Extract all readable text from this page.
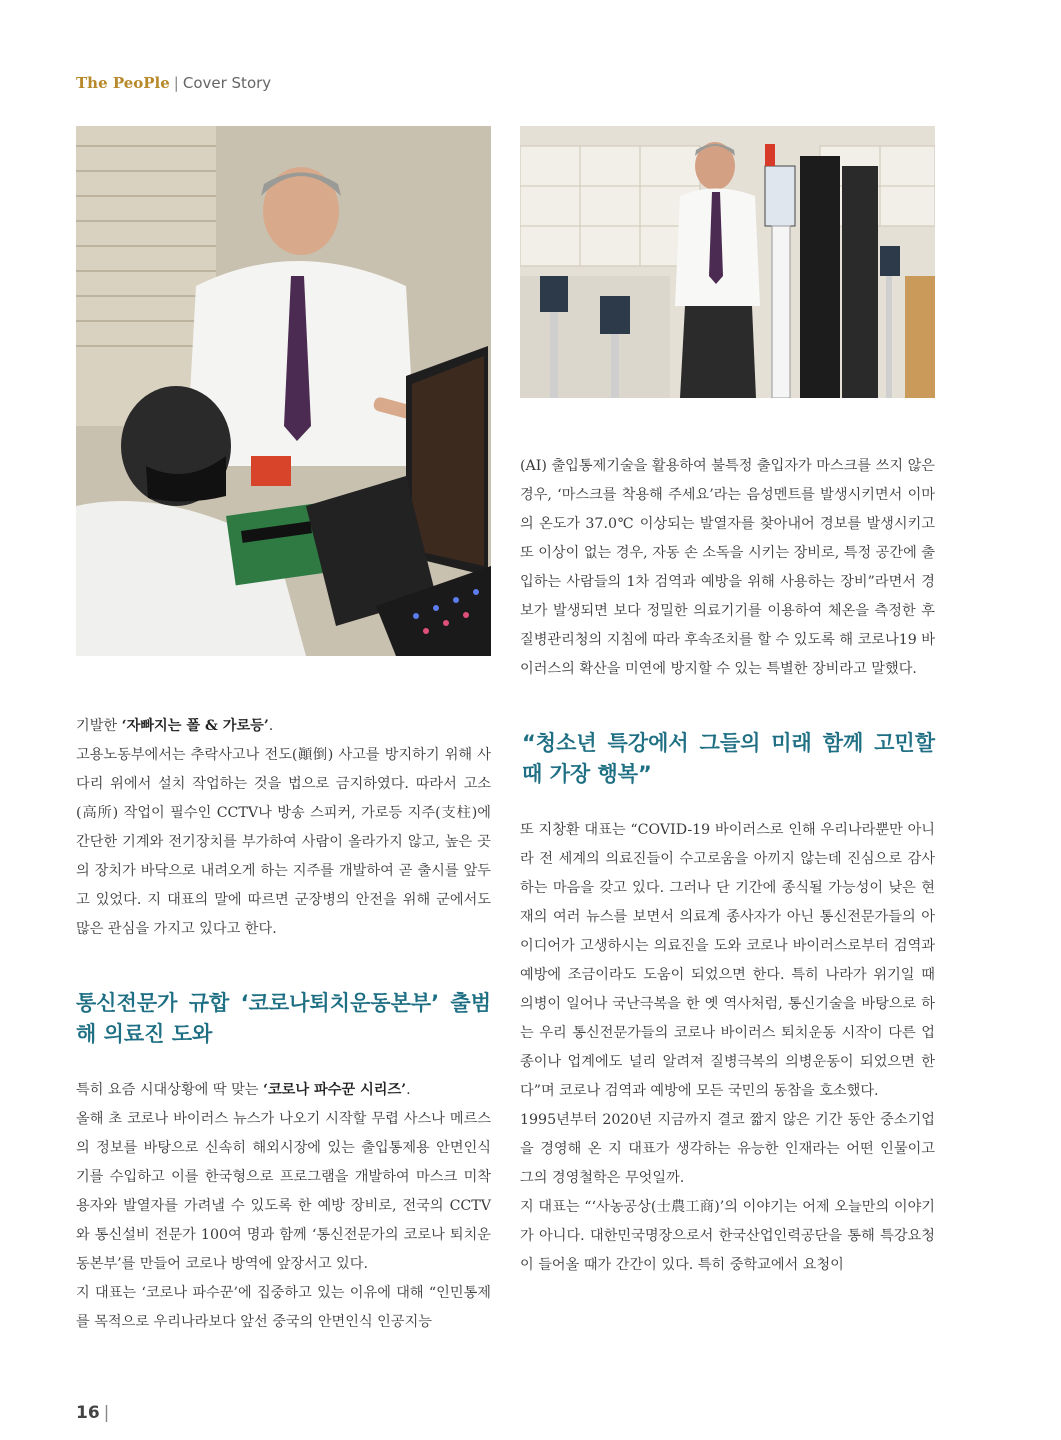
The PeoPle | Cover Story

기발한 ‘자빠지는 폴 & 가로등’.

고용노동부에서는 추락사고나 전도(顚倒) 사고를 방지하기 위해 사다리 위에서 설치 작업하는 것을 법으로 금지하였다. 따라서 고소(高所) 작업이 필수인 CCTV나 방송 스피커, 가로등 지주(支柱)에 간단한 기계와 전기장치를 부가하여 사람이 올라가지 않고, 높은 곳의 장치가 바닥으로 내려오게 하는 지주를 개발하여 곧 출시를 앞두고 있었다. 지 대표의 말에 따르면 군장병의 안전을 위해 군에서도 많은 관심을 가지고 있다고 한다.

통신전문가 규합 ‘코로나퇴치운동본부’ 출범해 의료진 도와

특히 요즘 시대상황에 딱 맞는 ‘코로나 파수꾼 시리즈’.

올해 초 코로나 바이러스 뉴스가 나오기 시작할 무렵 사스나 메르스의 정보를 바탕으로 신속히 해외시장에 있는 출입통제용 안면인식기를 수입하고 이를 한국형으로 프로그램을 개발하여 마스크 미착용자와 발열자를 가려낼 수 있도록 한 예방 장비로, 전국의 CCTV와 통신설비 전문가 100여 명과 함께 ‘통신전문가의 코로나 퇴치운동본부’를 만들어 코로나 방역에 앞장서고 있다.

지 대표는 ‘코로나 파수꾼’에 집중하고 있는 이유에 대해 “인민통제를 목적으로 우리나라보다 앞선 중국의 안면인식 인공지능

(AI) 출입통제기술을 활용하여 불특정 출입자가 마스크를 쓰지 않은 경우, ‘마스크를 착용해 주세요’라는 음성멘트를 발생시키면서 이마의 온도가 37.0℃ 이상되는 발열자를 찾아내어 경보를 발생시키고 또 이상이 없는 경우, 자동 손 소독을 시키는 장비로, 특정 공간에 출입하는 사람들의 1차 검역과 예방을 위해 사용하는 장비”라면서 경보가 발생되면 보다 정밀한 의료기기를 이용하여 체온을 측정한 후 질병관리청의 지침에 따라 후속조치를 할 수 있도록 해 코로나19 바이러스의 확산을 미연에 방지할 수 있는 특별한 장비라고 말했다.

“청소년 특강에서 그들의 미래 함께 고민할 때 가장 행복”

또 지창환 대표는 “COVID-19 바이러스로 인해 우리나라뿐만 아니라 전 세계의 의료진들이 수고로움을 아끼지 않는데 진심으로 감사하는 마음을 갖고 있다. 그러나 단 기간에 종식될 가능성이 낮은 현재의 여러 뉴스를 보면서 의료계 종사자가 아닌 통신전문가들의 아이디어가 고생하시는 의료진을 도와 코로나 바이러스로부터 검역과 예방에 조금이라도 도움이 되었으면 한다. 특히 나라가 위기일 때 의병이 일어나 국난극복을 한 옛 역사처럼, 통신기술을 바탕으로 하는 우리 통신전문가들의 코로나 바이러스 퇴치운동 시작이 다른 업종이나 업계에도 널리 알려져 질병극복의 의병운동이 되었으면 한다”며 코로나 검역과 예방에 모든 국민의 동참을 호소했다.

1995년부터 2020년 지금까지 결코 짧지 않은 기간 동안 중소기업을 경영해 온 지 대표가 생각하는 유능한 인재라는 어떤 인물이고 그의 경영철학은 무엇일까.

지 대표는 “‘사농공상(士農工商)’의 이야기는 어제 오늘만의 이야기가 아니다. 대한민국명장으로서 한국산업인력공단을 통해 특강요청이 들어올 때가 간간이 있다. 특히 중학교에서 요청이

16 |
